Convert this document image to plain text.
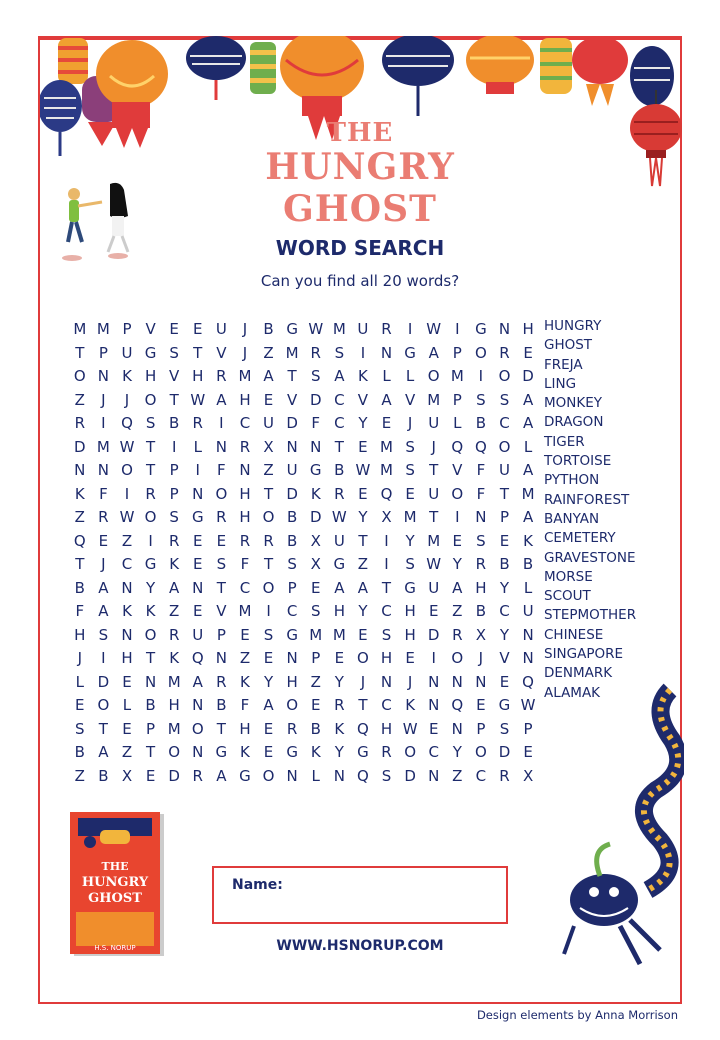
THE
HUNGRY
GHOST
WORD SEARCH
Can you find all 20 words?
M M P V E E U	J	B G W M U R	I W I	G N H
T P U G S T V	J	Z M R S	I	N G A P O R E
O N K H V H R M A T S A K L	L O M I	O D
Z	J	J	O T W A H E V D C V A V M P S S A
R	I	Q S B R	I	C U D F C Y E	J	U L B C A
D M W T	I	L N R X N N T E M S	J	Q Q O L
N N O T P	I	F N Z U G B W M S T V F U A
K F	I	R P N O H T D K R E Q E U O F T M
Z R W O S G R H O B D W Y X M T	I	N P A
Q E Z	I	R E E R R B X U T	I	Y M E S E K
T	J	C G K E S F T S X G Z	I	S W Y R B B
B A N Y A N T C O P E A A T G U A H Y L
F A K K Z E V M I	C S H Y C H E Z B C U
H S N O R U P E S G M M E S H D R X Y N
J	I	H T K Q N Z E N P E O H E	I	O	J	V N
L D E N M A R K Y H Z Y	J	N	J	N N N E Q
E O L B H N B F A O E R T C K N Q E G W
S T E P M O T H E R B K Q H W E N P S P
B A Z T O N G K E G K Y G R O C Y O D E
Z B X E D R A G O N L N Q S D N Z C R X
HUNGRY
GHOST
FREJA
LING
MONKEY
DRAGON
TIGER
TORTOISE
PYTHON
RAINFOREST
BANYAN
CEMETERY
GRAVESTONE
MORSE
SCOUT
STEPMOTHER
CHINESE
SINGAPORE
DENMARK
ALAMAK
THE
HUNGRY
GHOST
H.S. NORUP
Name:
WWW.HSNORUP.COM
Design elements by Anna Morrison
